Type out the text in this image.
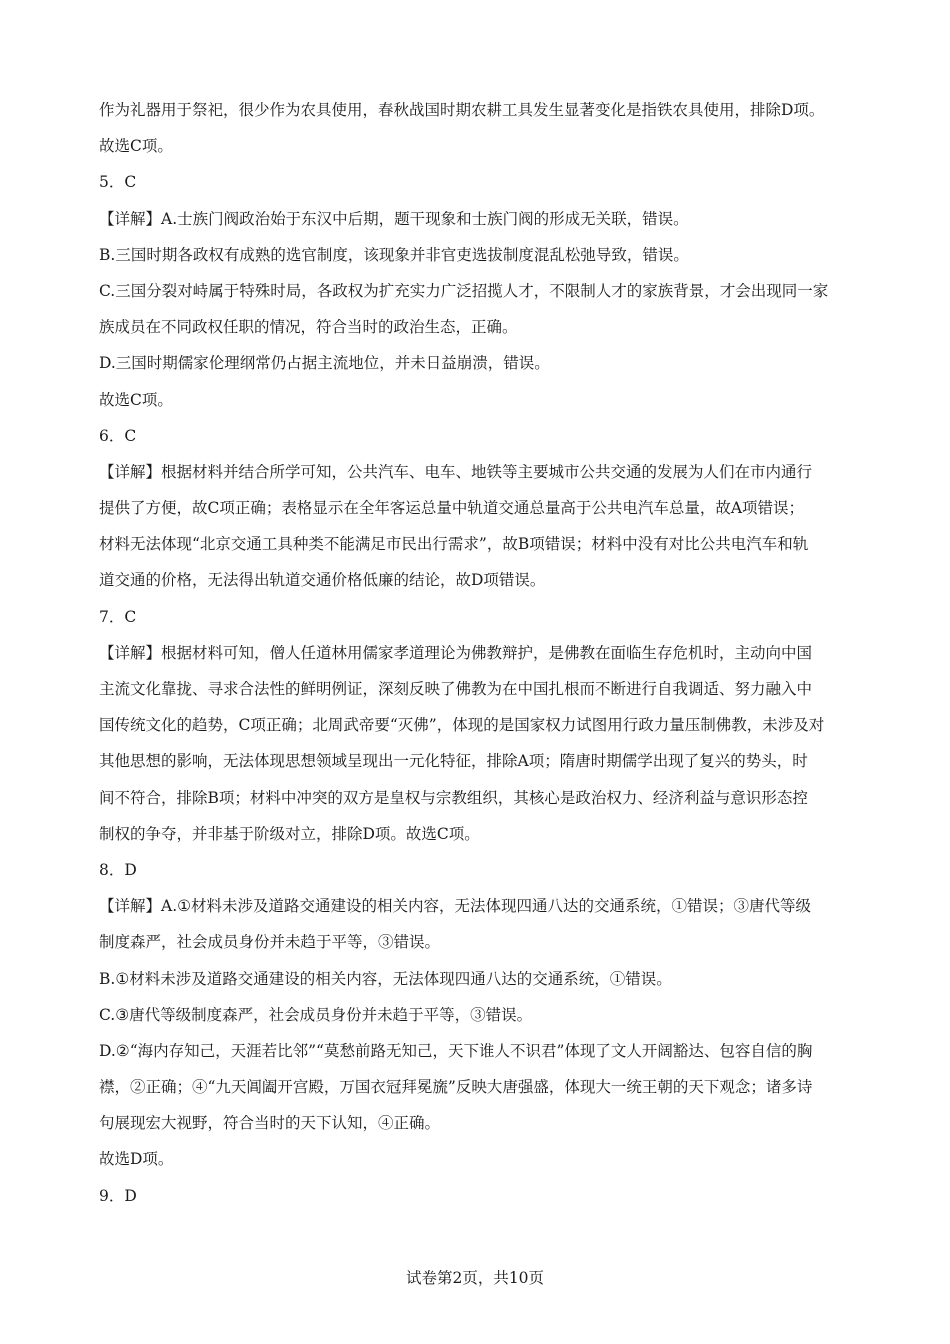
作为礼器用于祭祀，很少作为农具使用，春秋战国时期农耕工具发生显著变化是指铁农具使用，排除D项。
故选C项。
5．C
【详解】A.士族门阀政治始于东汉中后期，题干现象和士族门阀的形成无关联，错误。
B.三国时期各政权有成熟的选官制度，该现象并非官吏选拔制度混乱松弛导致，错误。
C.三国分裂对峙属于特殊时局，各政权为扩充实力广泛招揽人才，不限制人才的家族背景，才会出现同一家
族成员在不同政权任职的情况，符合当时的政治生态，正确。
D.三国时期儒家伦理纲常仍占据主流地位，并未日益崩溃，错误。
故选C项。
6．C
【详解】根据材料并结合所学可知，公共汽车、电车、地铁等主要城市公共交通的发展为人们在市内通行
提供了方便，故C项正确；表格显示在全年客运总量中轨道交通总量高于公共电汽车总量，故A项错误；
材料无法体现“北京交通工具种类不能满足市民出行需求”，故B项错误；材料中没有对比公共电汽车和轨
道交通的价格，无法得出轨道交通价格低廉的结论，故D项错误。
7．C
【详解】根据材料可知，僧人任道林用儒家孝道理论为佛教辩护，是佛教在面临生存危机时，主动向中国
主流文化靠拢、寻求合法性的鲜明例证，深刻反映了佛教为在中国扎根而不断进行自我调适、努力融入中
国传统文化的趋势，C项正确；北周武帝要“灭佛”，体现的是国家权力试图用行政力量压制佛教，未涉及对
其他思想的影响，无法体现思想领域呈现出一元化特征，排除A项；隋唐时期儒学出现了复兴的势头，时
间不符合，排除B项；材料中冲突的双方是皇权与宗教组织，其核心是政治权力、经济利益与意识形态控
制权的争夺，并非基于阶级对立，排除D项。故选C项。
8．D
【详解】A.①材料未涉及道路交通建设的相关内容，无法体现四通八达的交通系统，①错误；③唐代等级
制度森严，社会成员身份并未趋于平等，③错误。
B.①材料未涉及道路交通建设的相关内容，无法体现四通八达的交通系统，①错误。
C.③唐代等级制度森严，社会成员身份并未趋于平等，③错误。
D.②“海内存知己，天涯若比邻”“莫愁前路无知己，天下谁人不识君”体现了文人开阔豁达、包容自信的胸
襟，②正确；④“九天阊阖开宫殿，万国衣冠拜冕旒”反映大唐强盛，体现大一统王朝的天下观念；诸多诗
句展现宏大视野，符合当时的天下认知，④正确。
故选D项。
9．D
试卷第2页，共10页
